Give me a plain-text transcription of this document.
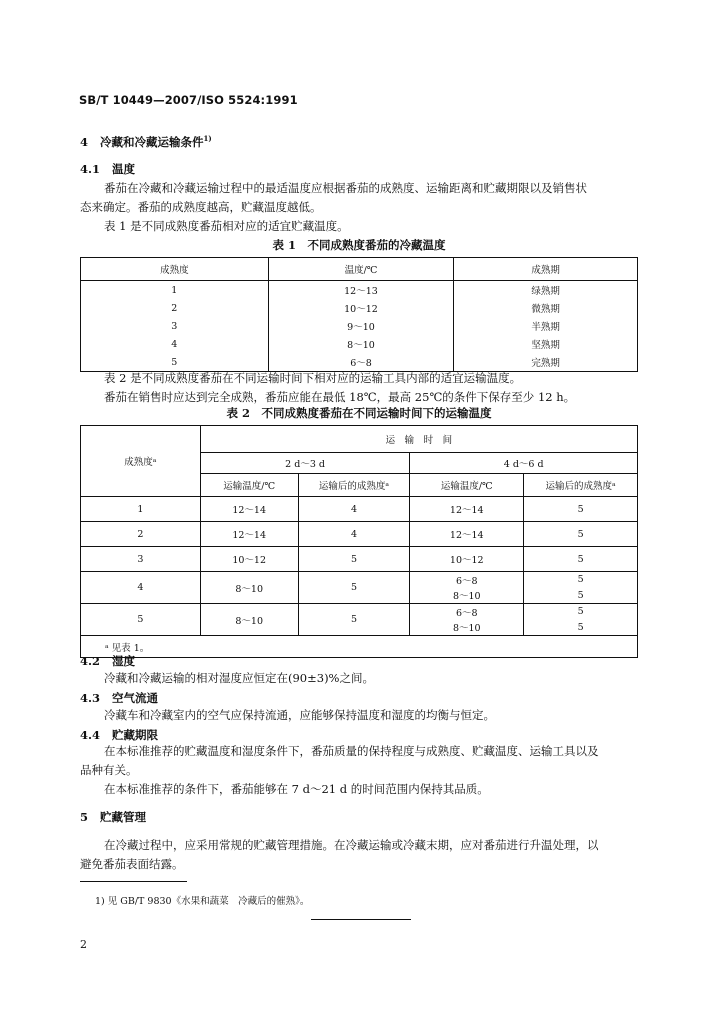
SB/T 10449—2007/ISO 5524:1991
4 冷藏和冷藏运输条件$^{1)}$
4.1 温度
番茄在冷藏和冷藏运输过程中的最适温度应根据番茄的成熟度、运输距离和贮藏期限以及销售状
态来确定。番茄的成熟度越高，贮藏温度越低。
表 1 是不同成熟度番茄相对应的适宜贮藏温度。
表 1　不同成熟度番茄的冷藏温度
成熟度	温度/℃	成熟期
1	12～13	绿熟期
2	10～12	微熟期
3	9～10	半熟期
4	8～10	坚熟期
5	6～8	完熟期
表 2 是不同成熟度番茄在不同运输时间下相对应的运输工具内部的适宜运输温度。
番茄在销售时应达到完全成熟，番茄应能在最低 18℃，最高 25℃的条件下保存至少 12 h。
表 2　不同成熟度番茄在不同运输时间下的运输温度
成熟度ᵃ	运　输　时　间			
	2 d～3 d		4 d～6 d	
	运输温度/℃	运输后的成熟度ᵃ	运输温度/℃	运输后的成熟度ᵃ
1	12～14	4	12～14	5
2	12～14	4	12～14	5
3	10～12	5	10～12	5
4	8～10	5	6～8	5
			8～10	5
5	8～10	5	6～8	5
			8～10	5
ᵃ 见表 1。				
4.2 湿度
冷藏和冷藏运输的相对湿度应恒定在(90±3)%之间。
4.3 空气流通
冷藏车和冷藏室内的空气应保持流通，应能够保持温度和湿度的均衡与恒定。
4.4 贮藏期限
在本标准推荐的贮藏温度和湿度条件下，番茄质量的保持程度与成熟度、贮藏温度、运输工具以及
品种有关。
在本标准推荐的条件下，番茄能够在 7 d～21 d 的时间范围内保持其品质。
5 贮藏管理
在冷藏过程中，应采用常规的贮藏管理措施。在冷藏运输或冷藏末期，应对番茄进行升温处理，以
避免番茄表面结露。
1) 见 GB/T 9830《水果和蔬菜　冷藏后的催熟》。
2
